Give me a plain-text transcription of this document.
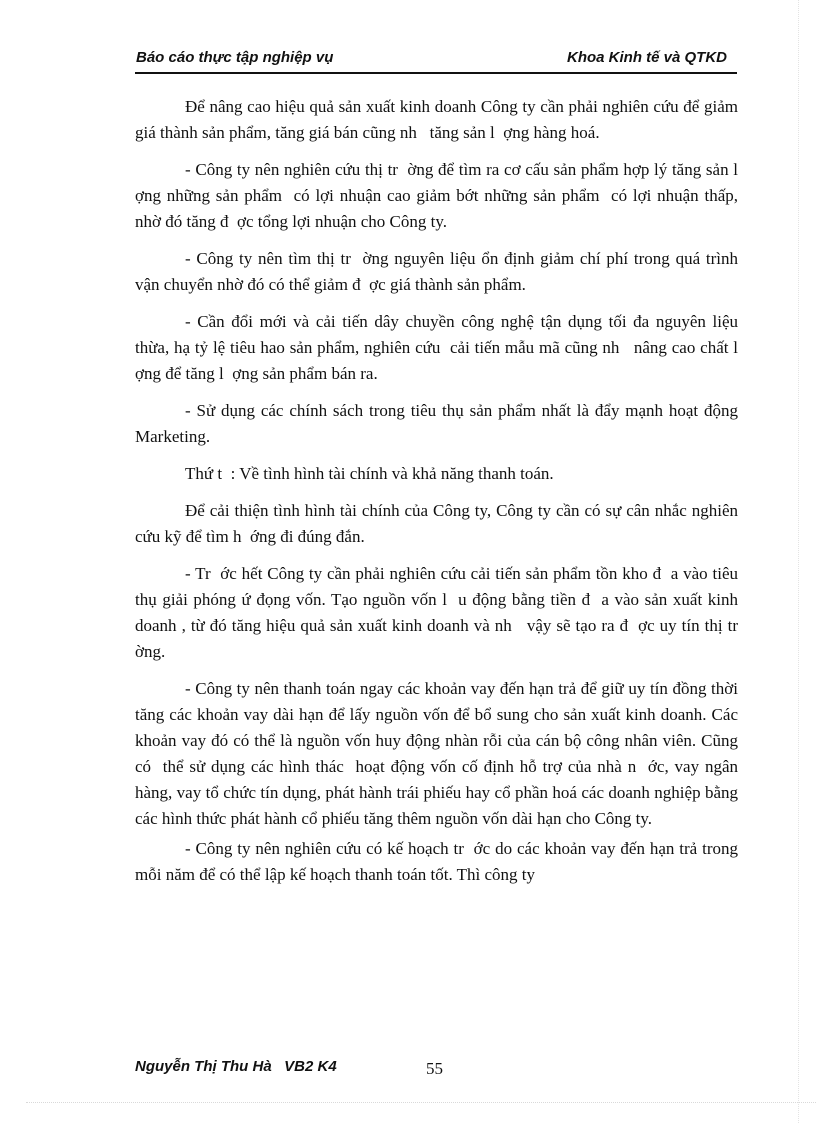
Báo cáo thực tập nghiệp vụ	Khoa Kinh tế và QTKD

Để nâng cao hiệu quả sản xuất kinh doanh Công ty cần phải nghiên cứu để giảm giá thành sản phẩm, tăng giá bán cũng nh   tăng sản l  ợng hàng hoá.

- Công ty nên nghiên cứu thị tr  ờng để tìm ra cơ cấu sản phẩm hợp lý tăng sản l  ợng những sản phẩm  có lợi nhuận cao giảm bớt những sản phẩm  có lợi nhuận thấp, nhờ đó tăng đ  ợc tổng lợi nhuận cho Công ty.

- Công ty nên tìm thị tr  ờng nguyên liệu ổn định giảm chí phí trong quá trình vận chuyển nhờ đó có thể giảm đ  ợc giá thành sản phẩm.

- Cần đổi mới và cải tiến dây chuyền công nghệ tận dụng tối đa nguyên liệu thừa, hạ tỷ lệ tiêu hao sản phẩm, nghiên cứu  cải tiến mẫu mã cũng nh   nâng cao chất l  ợng để tăng l  ợng sản phẩm bán ra.

- Sử dụng các chính sách trong tiêu thụ sản phẩm nhất là đẩy mạnh hoạt động Marketing.

Thứ t  : Về tình hình tài chính và khả năng thanh toán.

Để cải thiện tình hình tài chính của Công ty, Công ty cần có sự cân nhắc nghiên cứu kỹ để tìm h  ớng đi đúng đắn.

- Tr  ớc hết Công ty cần phải nghiên cứu cải tiến sản phẩm tồn kho đ  a vào tiêu thụ giải phóng ứ đọng vốn. Tạo nguồn vốn l  u động bằng tiền đ  a vào sản xuất kinh doanh , từ đó tăng hiệu quả sản xuất kinh doanh và nh   vậy sẽ tạo ra đ  ợc uy tín thị tr  ờng.

- Công ty nên thanh toán ngay các khoản vay đến hạn trả để giữ uy tín đồng thời tăng các khoản vay dài hạn để lấy nguồn vốn để bổ sung cho sản xuất kinh doanh. Các khoản vay đó có thể là nguồn vốn huy động nhàn rỗi của cán bộ công nhân viên. Cũng có  thể sử dụng các hình thác  hoạt động vốn cố định hỗ trợ của nhà n  ớc, vay ngân hàng, vay tổ chức tín dụng, phát hành trái phiếu hay cổ phần hoá các doanh nghiệp bằng các hình thức phát hành cổ phiếu tăng thêm nguồn vốn dài hạn cho Công ty.

- Công ty nên nghiên cứu có kế hoạch tr  ớc do các khoản vay đến hạn trả trong mỗi năm để có thể lập kế hoạch thanh toán tốt. Thì công ty

Nguyễn Thị Thu Hà   VB2 K4	55
